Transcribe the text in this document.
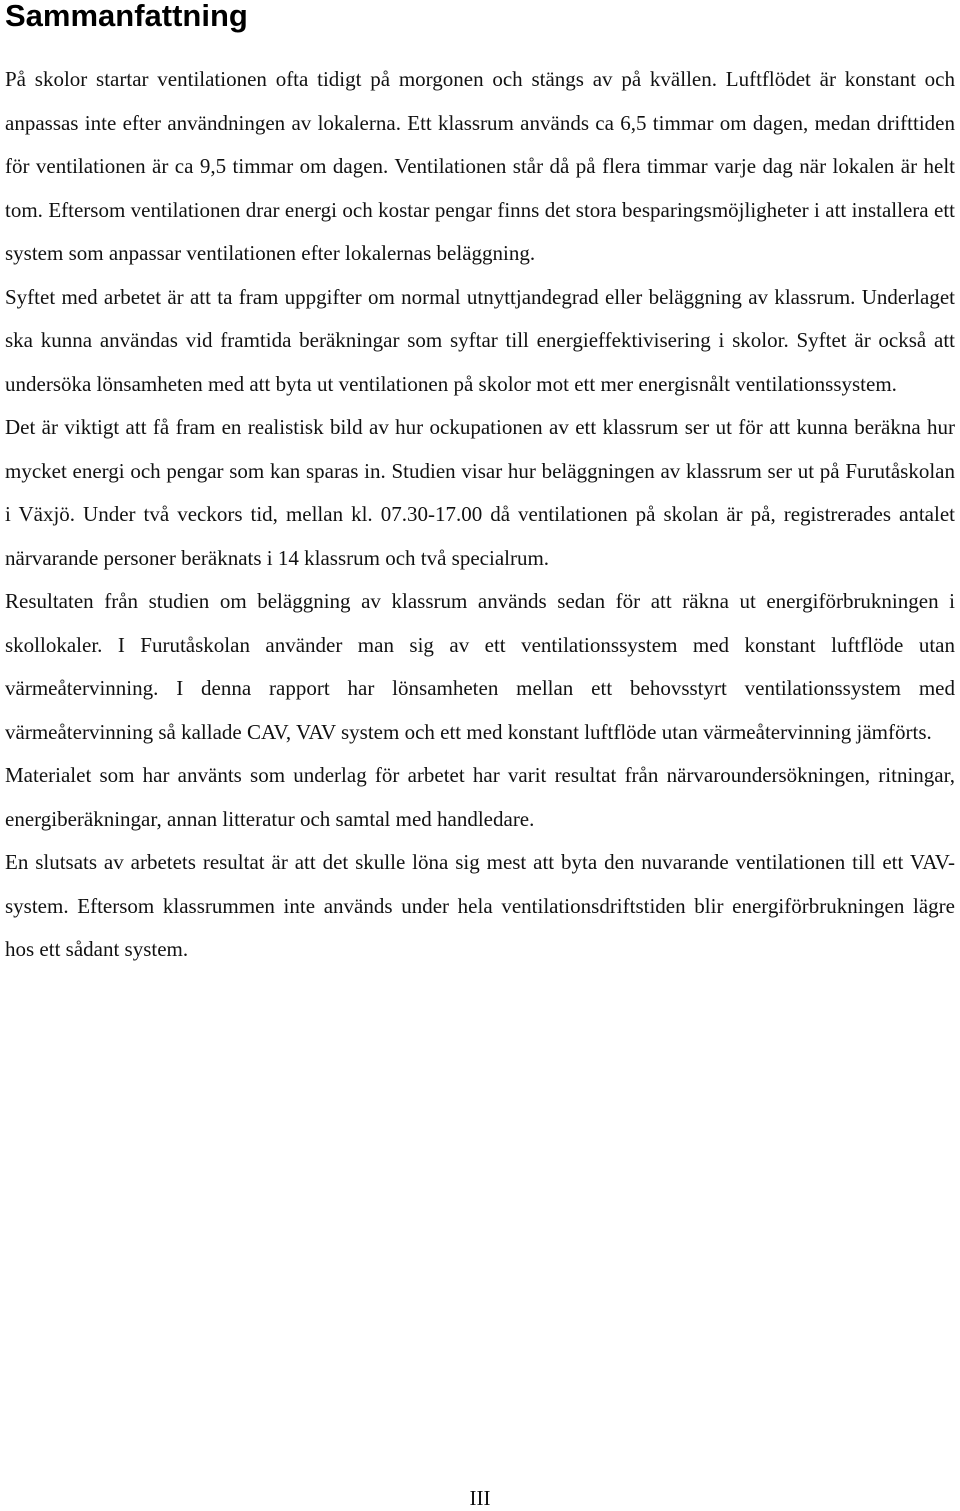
Sammanfattning

På skolor startar ventilationen ofta tidigt på morgonen och stängs av på kvällen. Luftflödet är konstant och anpassas inte efter användningen av lokalerna. Ett klassrum används ca 6,5 timmar om dagen, medan drifttiden för ventilationen är ca 9,5 timmar om dagen. Ventilationen står då på flera timmar varje dag när lokalen är helt tom. Eftersom ventilationen drar energi och kostar pengar finns det stora besparingsmöjligheter i att installera ett system som anpassar ventilationen efter lokalernas beläggning.

Syftet med arbetet är att ta fram uppgifter om normal utnyttjandegrad eller beläggning av klassrum. Underlaget ska kunna användas vid framtida beräkningar som syftar till energieffektivisering i skolor. Syftet är också att undersöka lönsamheten med att byta ut ventilationen på skolor mot ett mer energisnålt ventilationssystem.

Det är viktigt att få fram en realistisk bild av hur ockupationen av ett klassrum ser ut för att kunna beräkna hur mycket energi och pengar som kan sparas in. Studien visar hur beläggningen av klassrum ser ut på Furutåskolan i Växjö. Under två veckors tid, mellan kl. 07.30-17.00 då ventilationen på skolan är på, registrerades antalet närvarande personer beräknats i 14 klassrum och två specialrum.

Resultaten från studien om beläggning av klassrum används sedan för att räkna ut energiförbrukningen i skollokaler. I Furutåskolan använder man sig av ett ventilationssystem med konstant luftflöde utan värmeåtervinning. I denna rapport har lönsamheten mellan ett behovsstyrt ventilationssystem med värmeåtervinning så kallade CAV, VAV system och ett med konstant luftflöde utan värmeåtervinning jämförts.

Materialet som har använts som underlag för arbetet har varit resultat från närvaroundersökningen, ritningar, energiberäkningar, annan litteratur och samtal med handledare.

En slutsats av arbetets resultat är att det skulle löna sig mest att byta den nuvarande ventilationen till ett VAV-system. Eftersom klassrummen inte används under hela ventilationsdriftstiden blir energiförbrukningen lägre hos ett sådant system.

III
